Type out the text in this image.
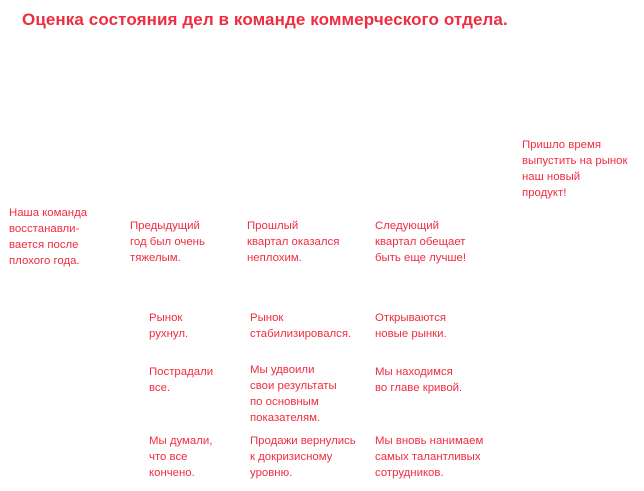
Оценка состояния дел в команде коммерческого отдела.
Наша команда
восстанавли-
вается после
плохого года.
Предыдущий
год был очень
тяжелым.
Прошлый
квартал оказался
неплохим.
Следующий
квартал обещает
быть еще лучше!
Пришло время
выпустить на рынок
наш новый
продукт!
Рынок
рухнул.
Рынок
стабилизировался.
Открываются
новые рынки.
Пострадали
все.
Мы удвоили
свои результаты
по основным
показателям.
Мы находимся
во главе кривой.
Мы думали,
что все
кончено.
Продажи вернулись
к докризисному
уровню.
Мы вновь нанимаем
самых талантливых
сотрудников.
